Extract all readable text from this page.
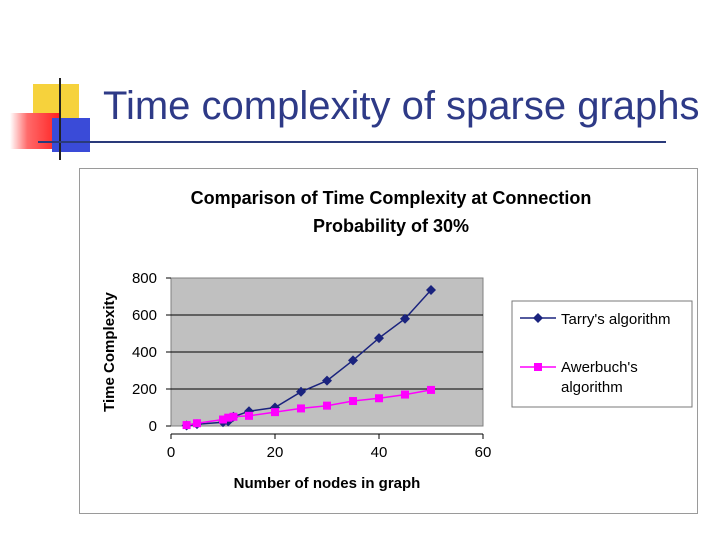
Time complexity of sparse graphs
Comparison of Time Complexity at Connection
Probability of 30%
0
200
400
600
800
0	20	40	60
Number of nodes in graph
Time Complexity	Tarry's algorithm
Awerbuch's
algorithm
